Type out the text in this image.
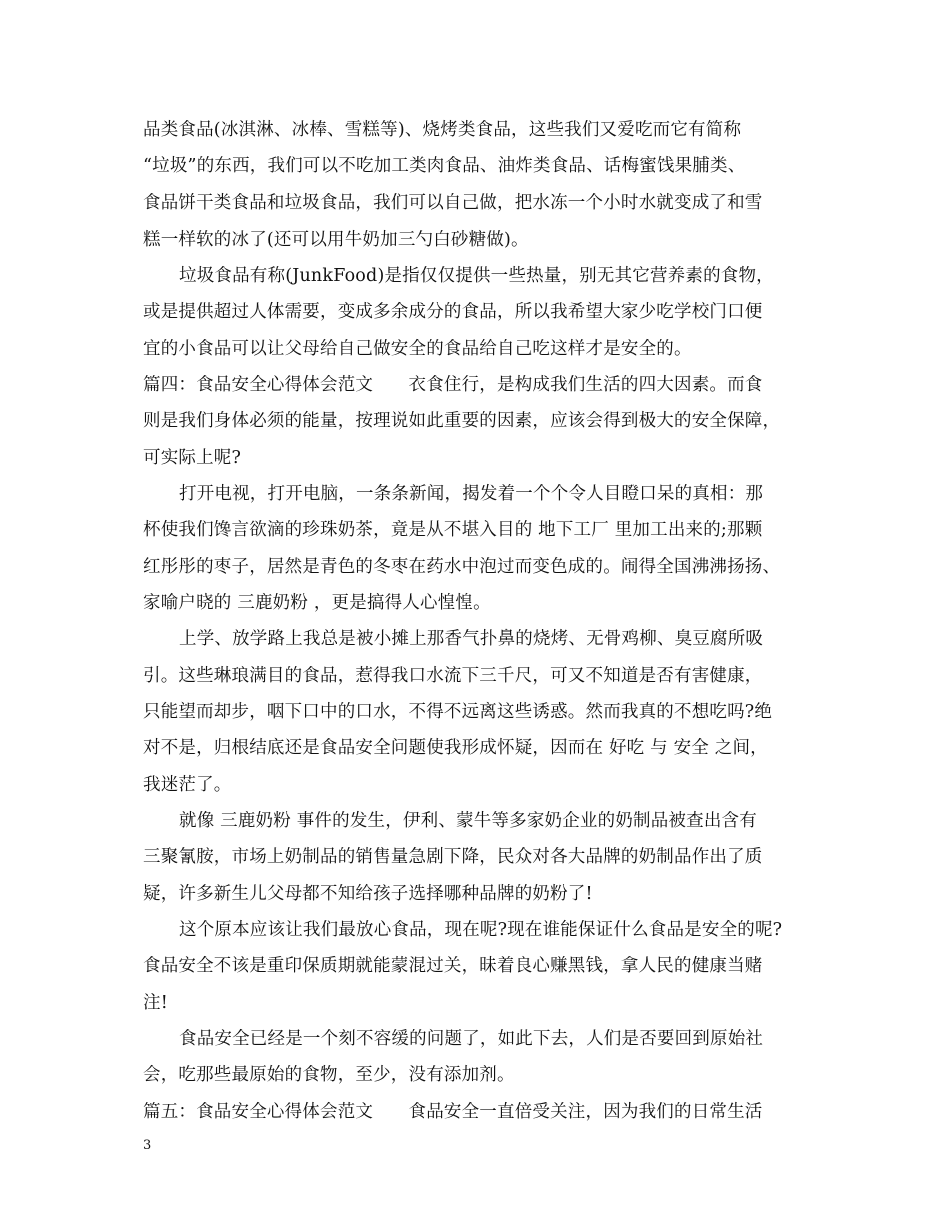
品类食品(冰淇淋、冰棒、雪糕等)、烧烤类食品，这些我们又爱吃而它有简称
“垃圾”的东西，我们可以不吃加工类肉食品、油炸类食品、话梅蜜饯果脯类、
食品饼干类食品和垃圾食品，我们可以自己做，把水冻一个小时水就变成了和雪
糕一样软的冰了(还可以用牛奶加三勺白砂糖做)。
垃圾食品有称(JunkFood)是指仅仅提供一些热量，别无其它营养素的食物，
或是提供超过人体需要，变成多余成分的食品，所以我希望大家少吃学校门口便
宜的小食品可以让父母给自己做安全的食品给自己吃这样才是安全的。
篇四：食品安全心得体会范文　　衣食住行，是构成我们生活的四大因素。而食
则是我们身体必须的能量，按理说如此重要的因素，应该会得到极大的安全保障，
可实际上呢?
打开电视，打开电脑，一条条新闻，揭发着一个个令人目瞪口呆的真相：那
杯使我们馋言欲滴的珍珠奶茶，竟是从不堪入目的 地下工厂 里加工出来的;那颗
红彤彤的枣子，居然是青色的冬枣在药水中泡过而变色成的。闹得全国沸沸扬扬、
家喻户晓的 三鹿奶粉 ，更是搞得人心惶惶。
上学、放学路上我总是被小摊上那香气扑鼻的烧烤、无骨鸡柳、臭豆腐所吸
引。这些琳琅满目的食品，惹得我口水流下三千尺，可又不知道是否有害健康，
只能望而却步，咽下口中的口水，不得不远离这些诱惑。然而我真的不想吃吗?绝
对不是，归根结底还是食品安全问题使我形成怀疑，因而在 好吃 与 安全 之间，
我迷茫了。
就像 三鹿奶粉 事件的发生，伊利、蒙牛等多家奶企业的奶制品被查出含有
三聚氰胺，市场上奶制品的销售量急剧下降，民众对各大品牌的奶制品作出了质
疑，许多新生儿父母都不知给孩子选择哪种品牌的奶粉了!
这个原本应该让我们最放心食品，现在呢?现在谁能保证什么食品是安全的呢?
食品安全不该是重印保质期就能蒙混过关，昧着良心赚黑钱，拿人民的健康当赌
注!
食品安全已经是一个刻不容缓的问题了，如此下去，人们是否要回到原始社
会，吃那些最原始的食物，至少，没有添加剂。
篇五：食品安全心得体会范文　　食品安全一直倍受关注，因为我们的日常生活
3
